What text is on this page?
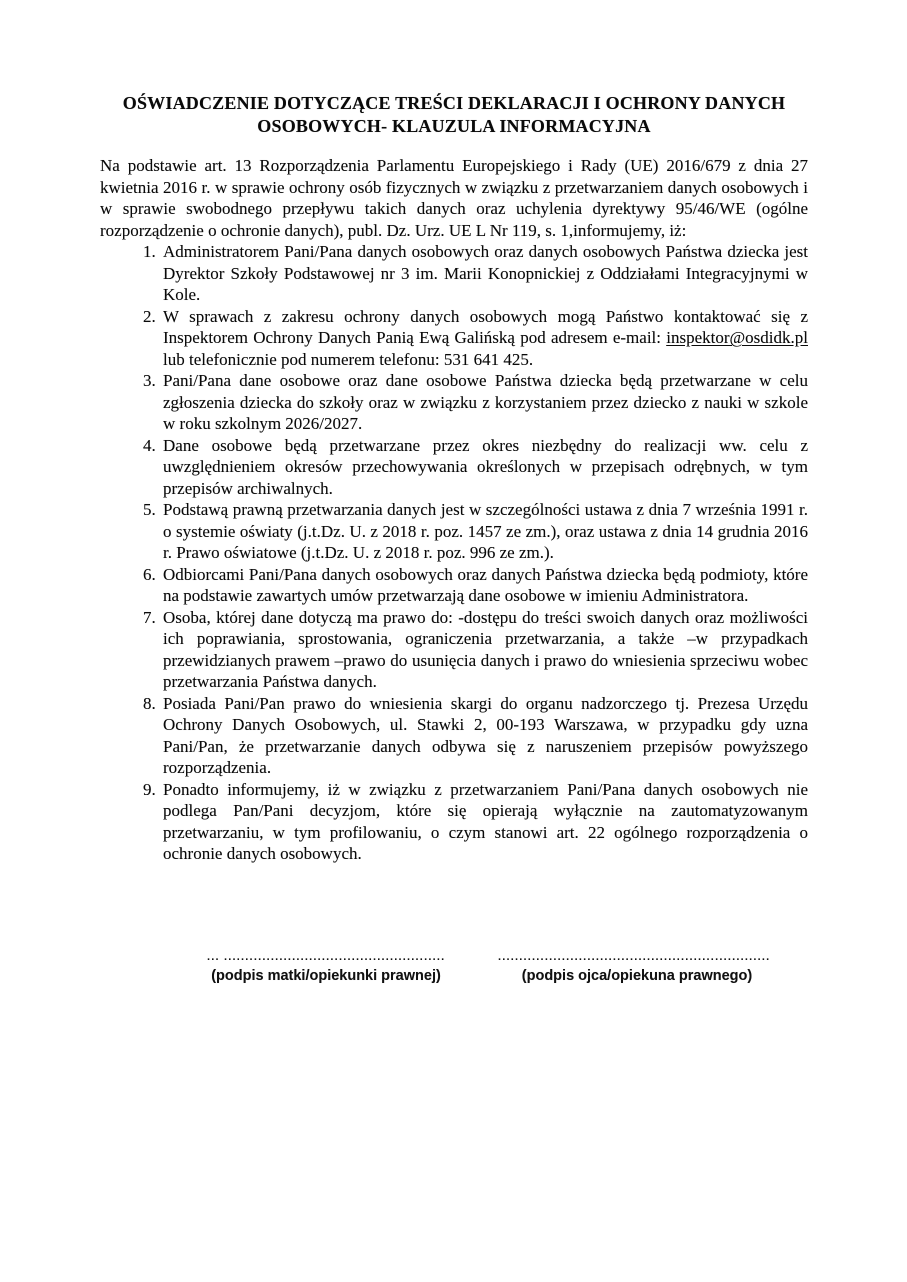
OŚWIADCZENIE DOTYCZĄCE TREŚCI DEKLARACJI I OCHRONY DANYCH
OSOBOWYCH- KLAUZULA INFORMACYJNA

Na podstawie art. 13 Rozporządzenia Parlamentu Europejskiego i Rady (UE) 2016/679 z dnia 27 kwietnia 2016 r. w sprawie ochrony osób fizycznych w związku z przetwarzaniem danych osobowych i w sprawie swobodnego przepływu takich danych oraz uchylenia dyrektywy 95/46/WE (ogólne rozporządzenie o ochronie danych), publ. Dz. Urz. UE L Nr 119, s. 1,informujemy, iż:

1. Administratorem Pani/Pana danych osobowych oraz danych osobowych Państwa dziecka jest Dyrektor Szkoły Podstawowej nr 3 im. Marii Konopnickiej z Oddziałami Integracyjnymi w Kole.
2. W sprawach z zakresu ochrony danych osobowych mogą Państwo kontaktować się z Inspektorem Ochrony Danych Panią Ewą Galińską pod adresem e-mail: inspektor@osdidk.pl lub telefonicznie pod numerem telefonu: 531 641 425.
3. Pani/Pana dane osobowe oraz dane osobowe Państwa dziecka będą przetwarzane w celu zgłoszenia dziecka do szkoły oraz w związku z korzystaniem przez dziecko z nauki w szkole w roku szkolnym 2026/2027.
4. Dane osobowe będą przetwarzane przez okres niezbędny do realizacji ww. celu z uwzględnieniem okresów przechowywania określonych w przepisach odrębnych, w tym przepisów archiwalnych.
5. Podstawą prawną przetwarzania danych jest w szczególności ustawa z dnia 7 września 1991 r. o systemie oświaty (j.t.Dz. U. z 2018 r. poz. 1457 ze zm.), oraz ustawa z dnia 14 grudnia 2016 r. Prawo oświatowe (j.t.Dz. U. z 2018 r. poz. 996 ze zm.).
6. Odbiorcami Pani/Pana danych osobowych oraz danych Państwa dziecka będą podmioty, które na podstawie zawartych umów przetwarzają dane osobowe w imieniu Administratora.
7. Osoba, której dane dotyczą ma prawo do: -dostępu do treści swoich danych oraz możliwości ich poprawiania, sprostowania, ograniczenia przetwarzania, a także –w przypadkach przewidzianych prawem –prawo do usunięcia danych i prawo do wniesienia sprzeciwu wobec przetwarzania Państwa danych.
8. Posiada Pani/Pan prawo do wniesienia skargi do organu nadzorczego tj. Prezesa Urzędu Ochrony Danych Osobowych, ul. Stawki 2, 00-193 Warszawa, w przypadku gdy uzna Pani/Pan, że przetwarzanie danych odbywa się z naruszeniem przepisów powyższego rozporządzenia.
9. Ponadto informujemy, iż w związku z przetwarzaniem Pani/Pana danych osobowych nie podlega Pan/Pani decyzjom, które się opierają wyłącznie na zautomatyzowanym przetwarzaniu, w tym profilowaniu, o czym stanowi art. 22 ogólnego rozporządzenia o ochronie danych osobowych.
... ....................................................
(podpis matki/opiekunki prawnej)
................................................................
(podpis ojca/opiekuna prawnego)
